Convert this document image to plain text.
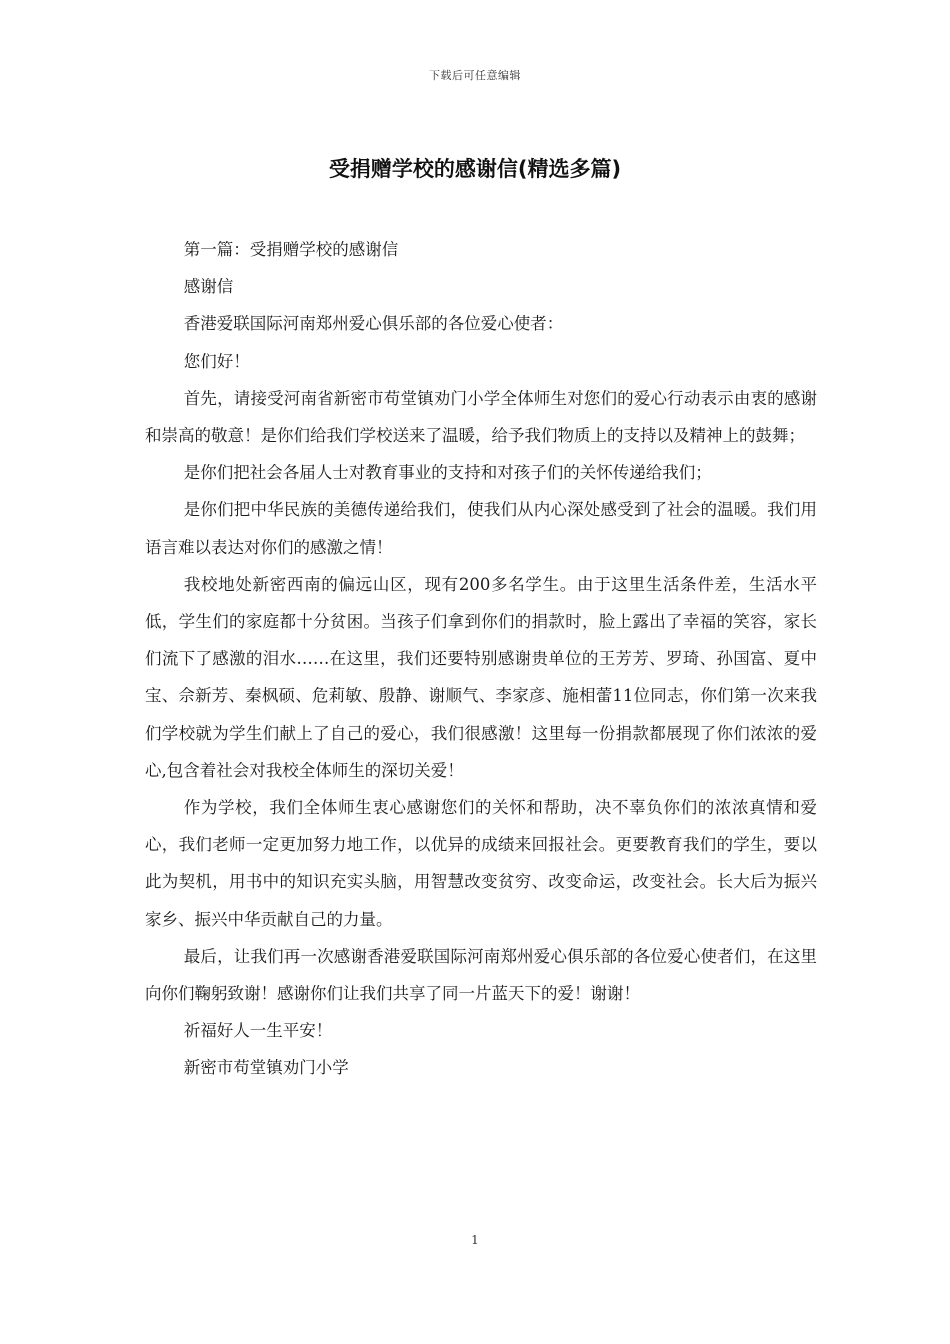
下载后可任意编辑
受捐赠学校的感谢信(精选多篇)

第一篇：受捐赠学校的感谢信

感谢信

香港爱联国际河南郑州爱心俱乐部的各位爱心使者：

您们好！

首先，请接受河南省新密市苟堂镇劝门小学全体师生对您们的爱心行动表示由衷的感谢和崇高的敬意！是你们给我们学校送来了温暖，给予我们物质上的支持以及精神上的鼓舞；

是你们把社会各届人士对教育事业的支持和对孩子们的关怀传递给我们；

是你们把中华民族的美德传递给我们，使我们从内心深处感受到了社会的温暖。我们用语言难以表达对你们的感激之情！

我校地处新密西南的偏远山区，现有200多名学生。由于这里生活条件差，生活水平低，学生们的家庭都十分贫困。当孩子们拿到你们的捐款时，脸上露出了幸福的笑容，家长们流下了感激的泪水……在这里，我们还要特别感谢贵单位的王芳芳、罗琦、孙国富、夏中宝、佘新芳、秦枫硕、危莉敏、殷静、谢顺气、李家彦、施相蕾11位同志，你们第一次来我们学校就为学生们献上了自己的爱心，我们很感激！这里每一份捐款都展现了你们浓浓的爱心,包含着社会对我校全体师生的深切关爱！

作为学校，我们全体师生衷心感谢您们的关怀和帮助，决不辜负你们的浓浓真情和爱心，我们老师一定更加努力地工作，以优异的成绩来回报社会。更要教育我们的学生，要以此为契机，用书中的知识充实头脑，用智慧改变贫穷、改变命运，改变社会。长大后为振兴家乡、振兴中华贡献自己的力量。

最后，让我们再一次感谢香港爱联国际河南郑州爱心俱乐部的各位爱心使者们，在这里向你们鞠躬致谢！感谢你们让我们共享了同一片蓝天下的爱！谢谢！

祈福好人一生平安！

新密市苟堂镇劝门小学

1
